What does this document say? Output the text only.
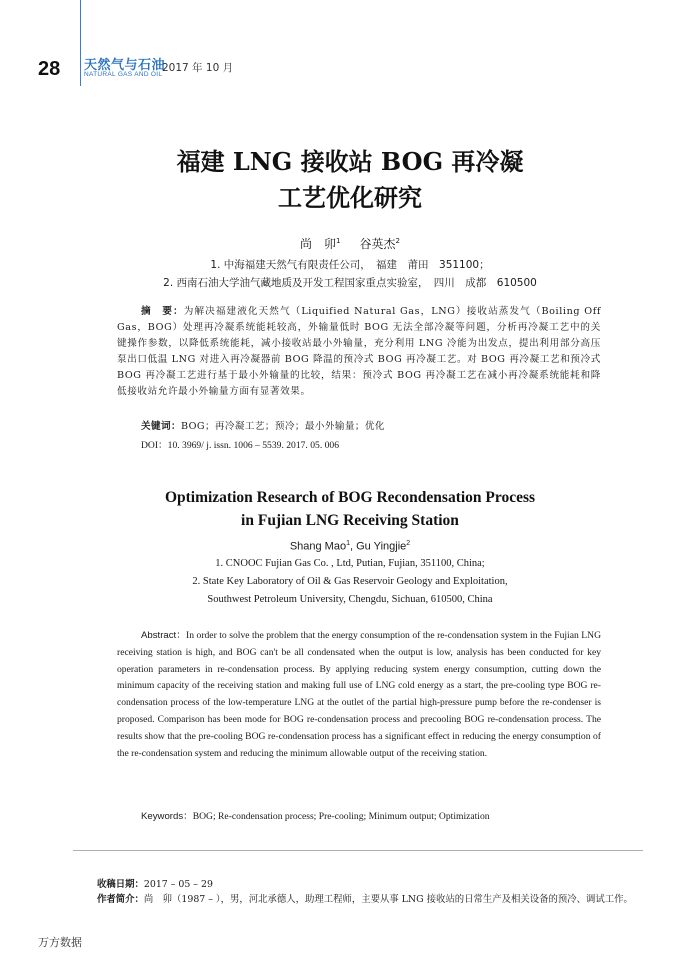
28 天然气与石油
NATURAL GAS AND OIL
2017 年 10 月
福建 LNG 接收站 BOG 再冷凝
工艺优化研究
尚　卯$^1$ 谷英杰$^2$
1. 中海福建天然气有限责任公司，　福建　莆田　351100；
2. 西南石油大学油气藏地质及开发工程国家重点实验室，　四川　成都　610500
摘　要：为解决福建液化天然气（Liquified Natural Gas，LNG）接收站蒸发气（Boiling Off Gas，BOG）处理再冷凝系统能耗较高，外输量低时 BOG 无法全部冷凝等问题，分析再冷凝工艺中的关键操作参数，以降低系统能耗，减小接收站最小外输量，充分利用 LNG 冷能为出发点，提出利用部分高压泵出口低温 LNG 对进入再冷凝器前 BOG 降温的预冷式 BOG 再冷凝工艺。对 BOG 再冷凝工艺和预冷式 BOG 再冷凝工艺进行基于最小外输量的比较，结果：预冷式 BOG 再冷凝工艺在减小再冷凝系统能耗和降低接收站允许最小外输量方面有显著效果。
关键词：BOG；再冷凝工艺；预冷；最小外输量；优化
DOI：10. 3969/ j. issn. 1006 – 5539. 2017. 05. 006
Optimization Research of BOG Recondensation Process
in Fujian LNG Receiving Station
Shang Mao$^1$, Gu Yingjie$^2$
1. CNOOC Fujian Gas Co. , Ltd, Putian, Fujian, 351100, China;
2. State Key Laboratory of Oil & Gas Reservoir Geology and Exploitation,
Southwest Petroleum University, Chengdu, Sichuan, 610500, China
Abstract：In order to solve the problem that the energy consumption of the re-condensation system in the Fujian LNG receiving station is high, and BOG can't be all condensated when the output is low, analysis has been conducted for key operation parameters in re-condensation process. By applying reducing system energy consumption, cutting down the minimum capacity of the receiving station and making full use of LNG cold energy as a start, the pre-cooling type BOG re-condensation process of the low-temperature LNG at the outlet of the partial high-pressure pump before the re-condenser is proposed. Comparison has been mode for BOG re-condensation process and precooling BOG re-condensation process. The results show that the pre-cooling BOG re-condensation process has a significant effect in reducing the energy consumption of the re-condensation system and reducing the minimum allowable output of the receiving station.
Keywords：BOG; Re-condensation process; Pre-cooling; Minimum output; Optimization
收稿日期：2017 – 05 – 29
作者简介：尚　卯（1987 – ），男，河北承德人，助理工程师，主要从事 LNG 接收站的日常生产及相关设备的预冷、调试工作。
万方数据
